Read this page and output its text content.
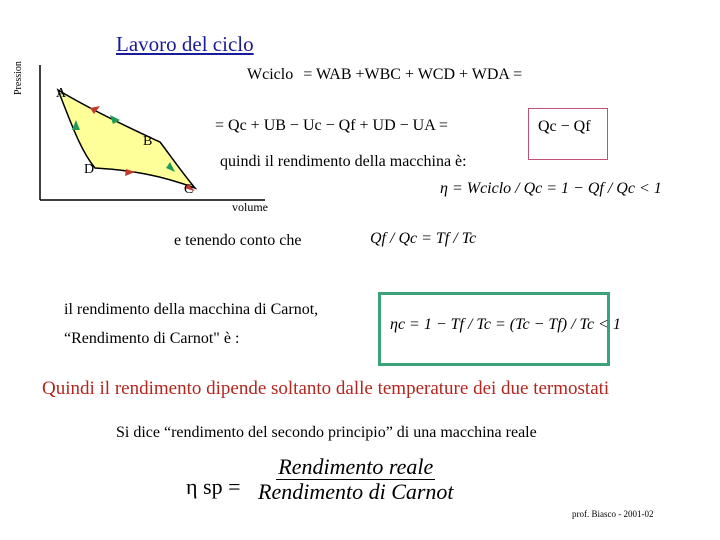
Lavoro del ciclo
Pression A
B
C
D
volume
Wciclo = WAB +WBC + WCD + WDA =
= Qc + UB − Uc − Qf + UD − UA =	Qc − Qf
quindi il rendimento della macchina è:
η = Wciclo / Qc = 1 − Qf / Qc < 1
e tenendo conto che	Qf / Qc = Tf / Tc
il rendimento della macchina di Carnot,
“Rendimento di Carnot" è :
ηc = 1 − Tf / Tc = (Tc − Tf) / Tc < 1
Quindi il rendimento dipende soltanto dalle temperature dei due termostati
Si dice “rendimento del secondo principio” di una macchina reale
η sp = $\frac{\text{Rendimento reale}}{\text{Rendimento di Carnot}}$
prof. Biasco - 2001-02
